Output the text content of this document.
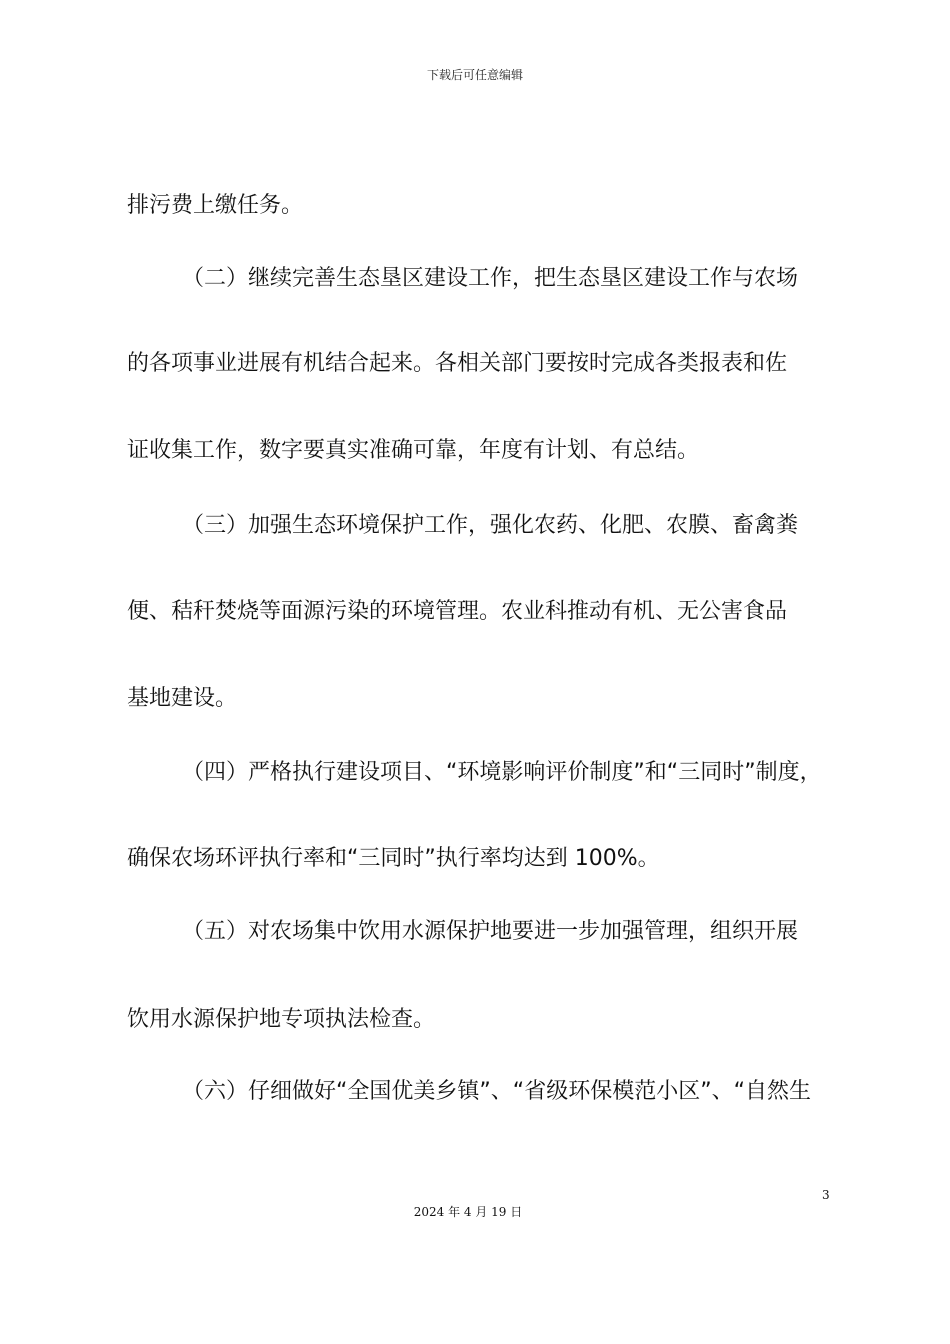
下载后可任意编辑
排污费上缴任务。
（二）继续完善生态垦区建设工作，把生态垦区建设工作与农场
的各项事业进展有机结合起来。各相关部门要按时完成各类报表和佐
证收集工作，数字要真实准确可靠，年度有计划、有总结。
（三）加强生态环境保护工作，强化农药、化肥、农膜、畜禽粪
便、秸秆焚烧等面源污染的环境管理。农业科推动有机、无公害食品
基地建设。
（四）严格执行建设项目、“环境影响评价制度”和“三同时”制度，
确保农场环评执行率和“三同时”执行率均达到 100%。
（五）对农场集中饮用水源保护地要进一步加强管理，组织开展
饮用水源保护地专项执法检查。
（六）仔细做好“全国优美乡镇”、“省级环保模范小区”、“自然生
3
2024 年 4 月 19 日
